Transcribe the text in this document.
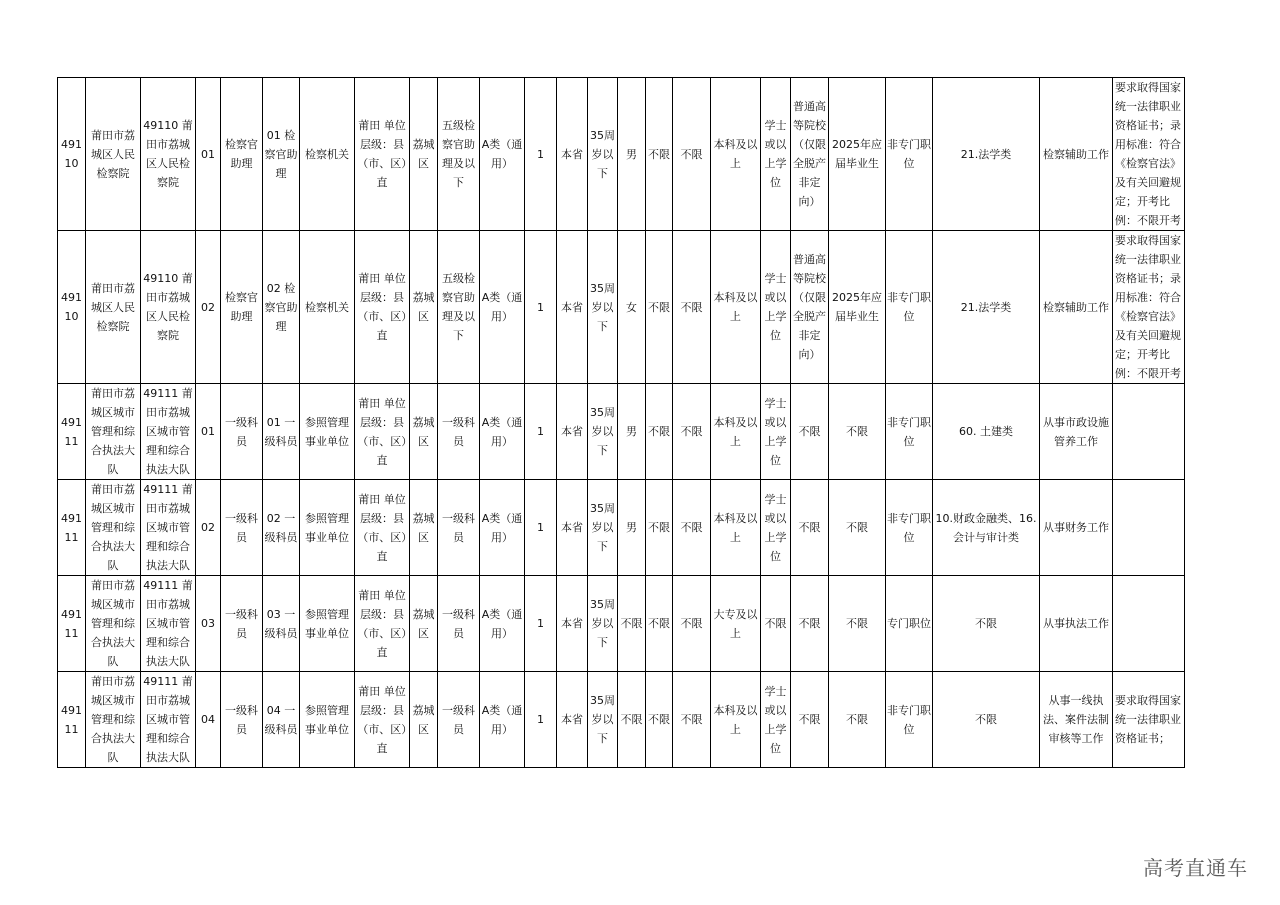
49110	莆田市荔城区人民检察院	49110 莆田市荔城区人民检察院	01	检察官助理	01 检察官助理	检察机关	莆田 单位层级：县（市、区）直	荔城区	五级检察官助理及以下	A类（通用）	1	本省	35周岁以下	男	不限	不限	本科及以上	学士或以上学位	普通高等院校（仅限全脱产非定向）	2025年应届毕业生	非专门职位	21.法学类	检察辅助工作	要求取得国家统一法律职业资格证书；录用标准：符合《检察官法》及有关回避规定；开考比例：不限开考
49110	莆田市荔城区人民检察院	49110 莆田市荔城区人民检察院	02	检察官助理	02 检察官助理	检察机关	莆田 单位层级：县（市、区）直	荔城区	五级检察官助理及以下	A类（通用）	1	本省	35周岁以下	女	不限	不限	本科及以上	学士或以上学位	普通高等院校（仅限全脱产非定向）	2025年应届毕业生	非专门职位	21.法学类	检察辅助工作	要求取得国家统一法律职业资格证书；录用标准：符合《检察官法》及有关回避规定；开考比例：不限开考
49111	莆田市荔城区城市管理和综合执法大队	49111 莆田市荔城区城市管理和综合执法大队	01	一级科员	01 一级科员	参照管理事业单位	莆田 单位层级：县（市、区）直	荔城区	一级科员	A类（通用）	1	本省	35周岁以下	男	不限	不限	本科及以上	学士或以上学位	不限	不限	非专门职位	60. 土建类	从事市政设施管养工作	
49111	莆田市荔城区城市管理和综合执法大队	49111 莆田市荔城区城市管理和综合执法大队	02	一级科员	02 一级科员	参照管理事业单位	莆田 单位层级：县（市、区）直	荔城区	一级科员	A类（通用）	1	本省	35周岁以下	男	不限	不限	本科及以上	学士或以上学位	不限	不限	非专门职位	10.财政金融类、16.会计与审计类	从事财务工作	
49111	莆田市荔城区城市管理和综合执法大队	49111 莆田市荔城区城市管理和综合执法大队	03	一级科员	03 一级科员	参照管理事业单位	莆田 单位层级：县（市、区）直	荔城区	一级科员	A类（通用）	1	本省	35周岁以下	不限	不限	不限	大专及以上	不限	不限	不限	专门职位	不限	从事执法工作	
49111	莆田市荔城区城市管理和综合执法大队	49111 莆田市荔城区城市管理和综合执法大队	04	一级科员	04 一级科员	参照管理事业单位	莆田 单位层级：县（市、区）直	荔城区	一级科员	A类（通用）	1	本省	35周岁以下	不限	不限	不限	本科及以上	学士或以上学位	不限	不限	非专门职位	不限	从事一线执法、案件法制审核等工作	要求取得国家统一法律职业资格证书；
高考直通车
